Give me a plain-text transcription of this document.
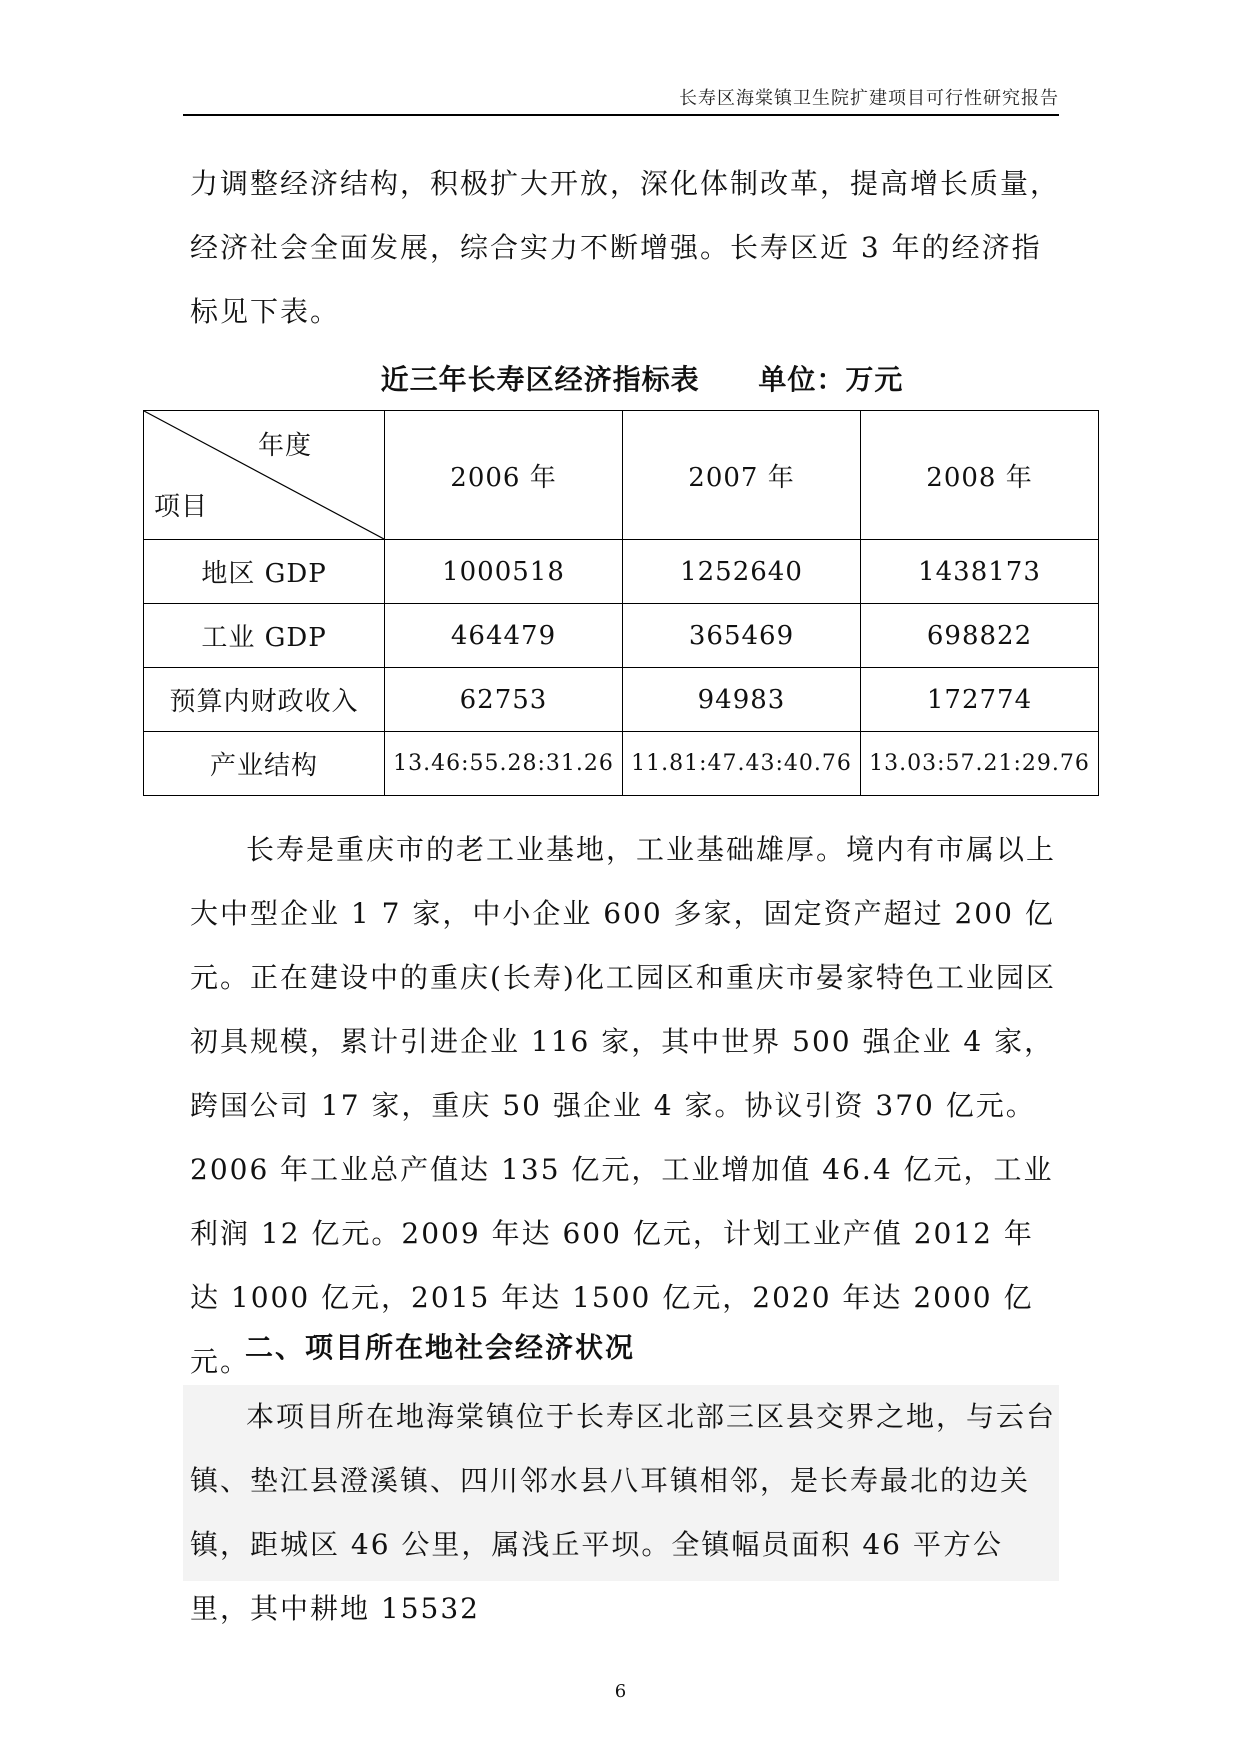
长寿区海棠镇卫生院扩建项目可行性研究报告

力调整经济结构，积极扩大开放，深化体制改革，提高增长质量，经济社会全面发展，综合实力不断增强。长寿区近 3 年的经济指标见下表。

近三年长寿区经济指标表 单位：万元
年度
项目	2006 年	2007 年	2008 年
地区 GDP	1000518	1252640	1438173
工业 GDP	464479	365469	698822
预算内财政收入	62753	94983	172774
产业结构	13.46:55.28:31.26	11.81:47.43:40.76	13.03:57.21:29.76

长寿是重庆市的老工业基地，工业基础雄厚。境内有市属以上大中型企业 1 7 家，中小企业 600 多家，固定资产超过 200 亿元。正在建设中的重庆(长寿)化工园区和重庆市晏家特色工业园区初具规模，累计引进企业 116 家，其中世界 500 强企业 4 家，跨国公司 17 家，重庆 50 强企业 4 家。协议引资 370 亿元。2006 年工业总产值达 135 亿元，工业增加值 46.4 亿元，工业利润 12 亿元。2009 年达 600 亿元，计划工业产值 2012 年达 1000 亿元，2015 年达 1500 亿元，2020 年达 2000 亿元。

二、项目所在地社会经济状况

本项目所在地海棠镇位于长寿区北部三区县交界之地，与云台镇、垫江县澄溪镇、四川邻水县八耳镇相邻，是长寿最北的边关镇，距城区 46 公里，属浅丘平坝。全镇幅员面积 46 平方公里，其中耕地 15532

6
